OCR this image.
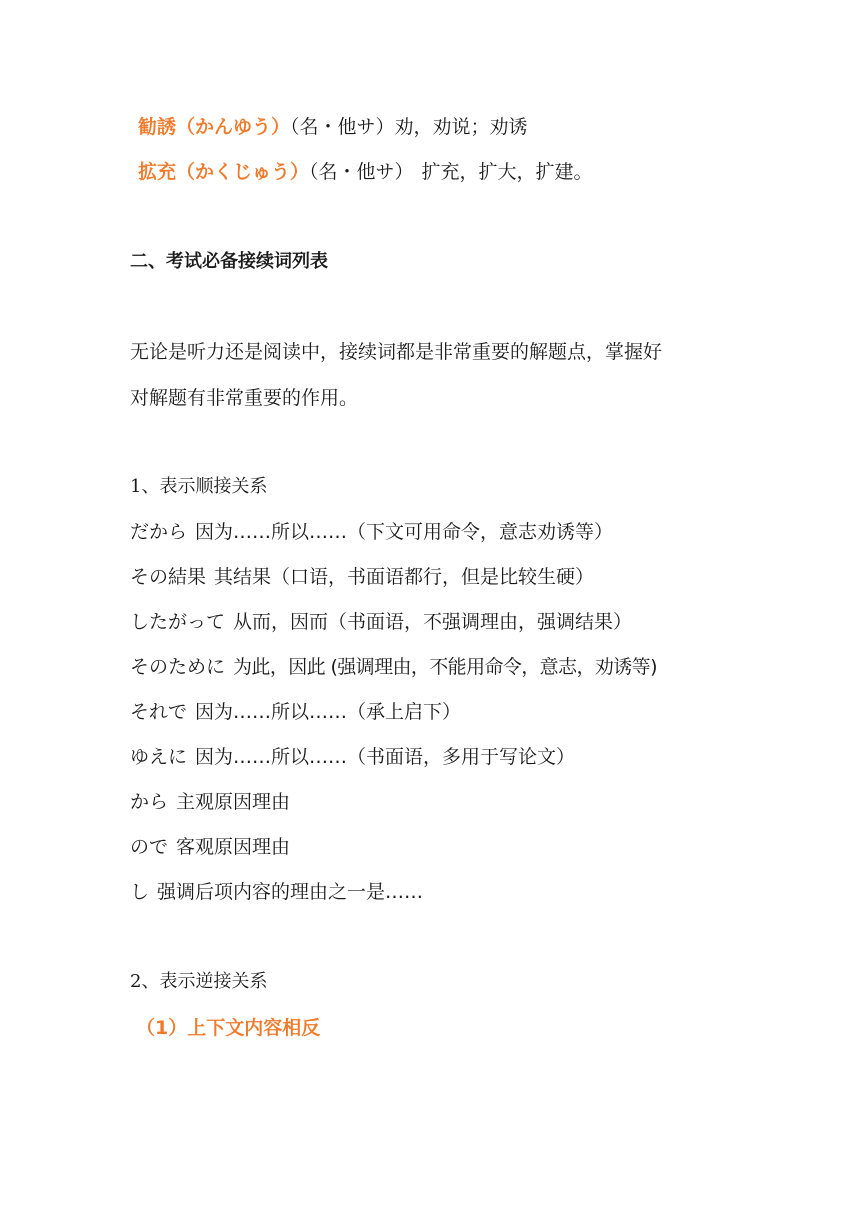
勧誘（かんゆう）（名・他サ）劝，劝说；劝诱
拡充（かくじゅう）（名・他サ） 扩充，扩大，扩建。
二、考试必备接续词列表
无论是听力还是阅读中，接续词都是非常重要的解题点，掌握好
对解题有非常重要的作用。
1、表示顺接关系
だから 因为……所以……（下文可用命令，意志劝诱等）
その結果 其结果（口语，书面语都行，但是比较生硬）
したがって 从而，因而（书面语，不强调理由，强调结果）
そのために 为此，因此 (强调理由，不能用命令，意志，劝诱等)
それで 因为……所以……（承上启下）
ゆえに 因为……所以……（书面语，多用于写论文）
から 主观原因理由
ので 客观原因理由
し 强调后项内容的理由之一是……
2、表示逆接关系
（1）上下文内容相反
